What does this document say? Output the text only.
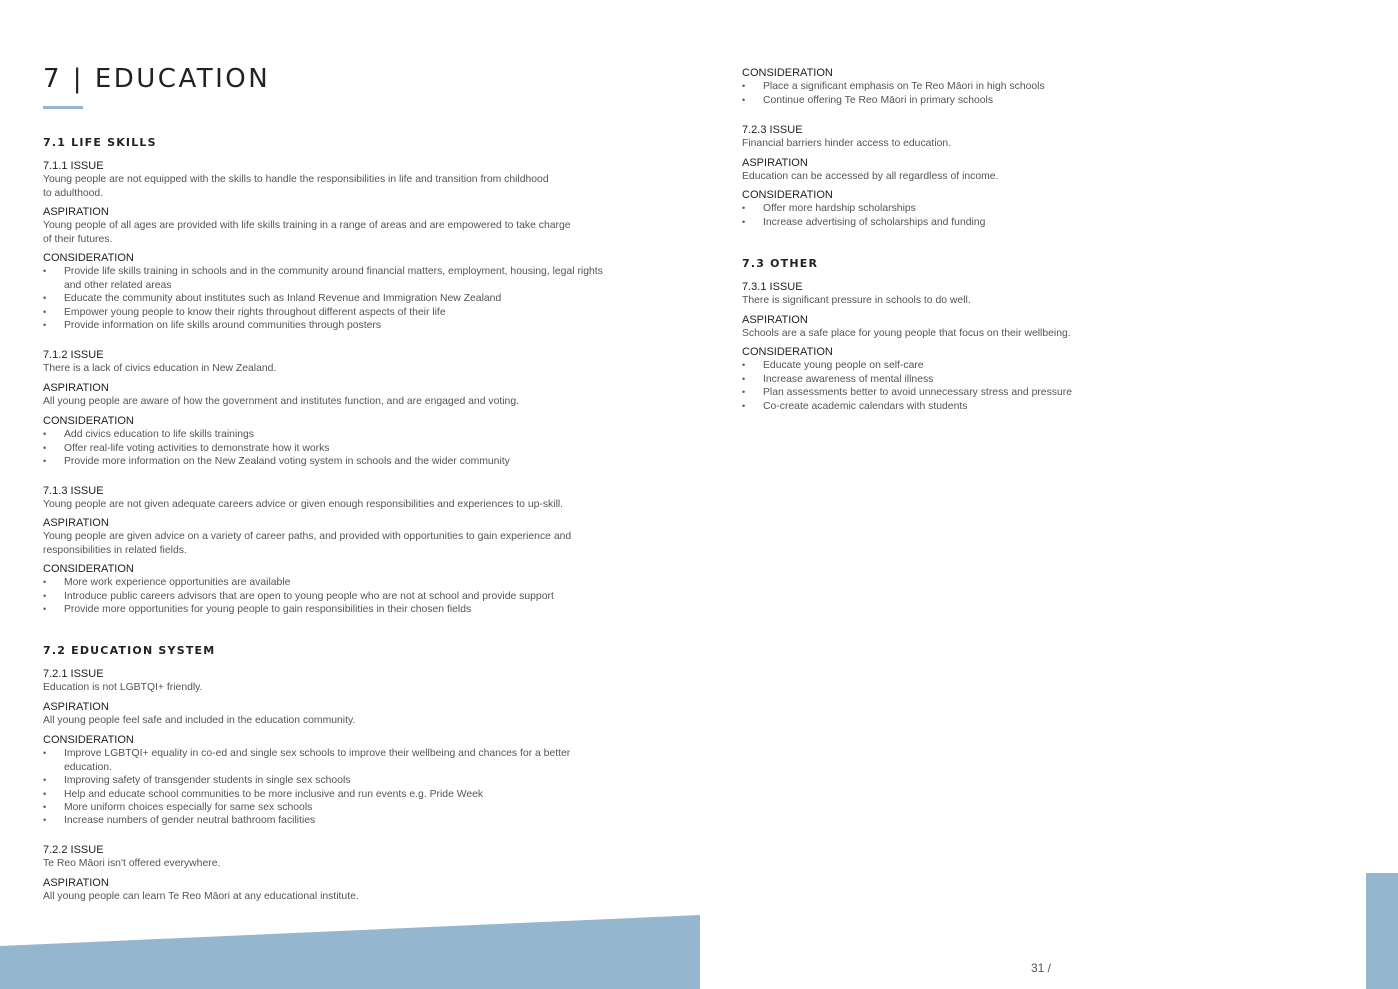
7 | EDUCATION
7.1 LIFE SKILLS

7.1.1 ISSUE

Young people are not equipped with the skills to handle the responsibilities in life and transition from childhood

to adulthood.

ASPIRATION

Young people of all ages are provided with life skills training in a range of areas and are empowered to take charge

of their futures.

CONSIDERATION

• Provide life skills training in schools and in the community around financial matters, employment, housing, legal rights
and other related areas
• Educate the community about institutes such as Inland Revenue and Immigration New Zealand
• Empower young people to know their rights throughout different aspects of their life
• Provide information on life skills around communities through posters

7.1.2 ISSUE

There is a lack of civics education in New Zealand.

ASPIRATION

All young people are aware of how the government and institutes function, and are engaged and voting.

CONSIDERATION

• Add civics education to life skills trainings
• Offer real-life voting activities to demonstrate how it works
• Provide more information on the New Zealand voting system in schools and the wider community

7.1.3 ISSUE

Young people are not given adequate careers advice or given enough responsibilities and experiences to up-skill.

ASPIRATION

Young people are given advice on a variety of career paths, and provided with opportunities to gain experience and

responsibilities in related fields.

CONSIDERATION

• More work experience opportunities are available
• Introduce public careers advisors that are open to young people who are not at school and provide support
• Provide more opportunities for young people to gain responsibilities in their chosen fields
7.2 EDUCATION SYSTEM

7.2.1 ISSUE

Education is not LGBTQI+ friendly.

ASPIRATION

All young people feel safe and included in the education community.

CONSIDERATION

• Improve LGBTQI+ equality in co-ed and single sex schools to improve their wellbeing and chances for a better
education.
• Improving safety of transgender students in single sex schools
• Help and educate school communities to be more inclusive and run events e.g. Pride Week
• More uniform choices especially for same sex schools
• Increase numbers of gender neutral bathroom facilities

7.2.2 ISSUE

Te Reo Māori isn't offered everywhere.

ASPIRATION

All young people can learn Te Reo Māori at any educational institute.

CONSIDERATION

• Place a significant emphasis on Te Reo Māori in high schools
• Continue offering Te Reo Māori in primary schools

7.2.3 ISSUE

Financial barriers hinder access to education.

ASPIRATION

Education can be accessed by all regardless of income.

CONSIDERATION

• Offer more hardship scholarships
• Increase advertising of scholarships and funding
7.3 OTHER

7.3.1 ISSUE

There is significant pressure in schools to do well.

ASPIRATION

Schools are a safe place for young people that focus on their wellbeing.

CONSIDERATION

• Educate young people on self-care
• Increase awareness of mental illness
• Plan assessments better to avoid unnecessary stress and pressure
• Co-create academic calendars with students
31 /
